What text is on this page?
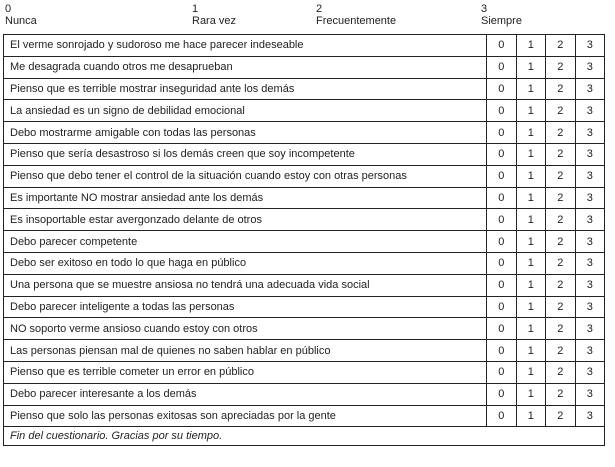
0
Nunca
1
Rara vez
2
Frecuentemente
3
Siempre
El verme sonrojado y sudoroso me hace parecer indeseable	0	1	2	3
Me desagrada cuando otros me desaprueban	0	1	2	3
Pienso que es terrible mostrar inseguridad ante los demás	0	1	2	3
La ansiedad es un signo de debilidad emocional	0	1	2	3
Debo mostrarme amigable con todas las personas	0	1	2	3
Pienso que sería desastroso si los demás creen que soy incompetente	0	1	2	3
Pienso que debo tener el control de la situación cuando estoy con otras personas	0	1	2	3
Es importante NO mostrar ansiedad ante los demás	0	1	2	3
Es insoportable estar avergonzado delante de otros	0	1	2	3
Debo parecer competente	0	1	2	3
Debo ser exitoso en todo lo que haga en público	0	1	2	3
Una persona que se muestre ansiosa no tendrá una adecuada vida social	0	1	2	3
Debo parecer inteligente a todas las personas	0	1	2	3
NO soporto verme ansioso cuando estoy con otros	0	1	2	3
Las personas piensan mal de quienes no saben hablar en público	0	1	2	3
Pienso que es terrible cometer un error en público	0	1	2	3
Debo parecer interesante a los demás	0	1	2	3
Pienso que solo las personas exitosas son apreciadas por la gente	0	1	2	3
Fin del cuestionario. Gracias por su tiempo.				
